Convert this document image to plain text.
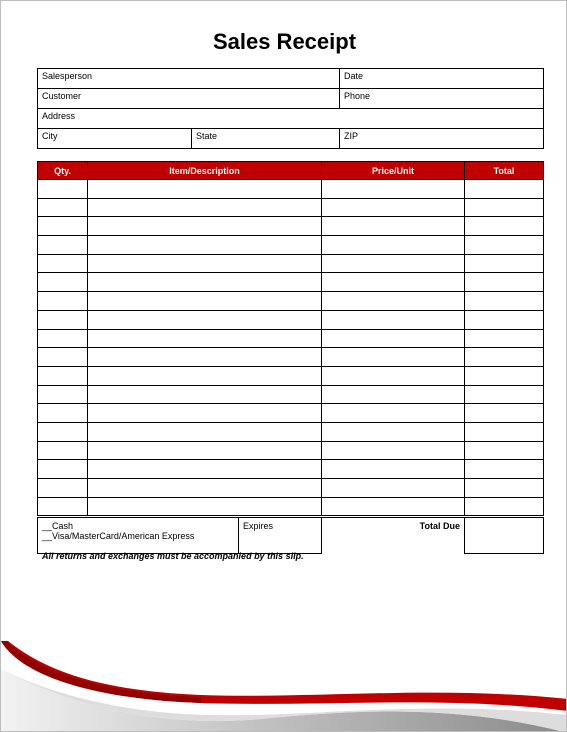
Sales Receipt
Salesperson		Date
Customer		Phone
Address		
City	State	ZIP
Qty.	Item/Description	Price/Unit	Total

__Cash
__Visa/MasterCard/American Express
	Expires	Total Due	
All returns and exchanges must be accompanied by this slip.
